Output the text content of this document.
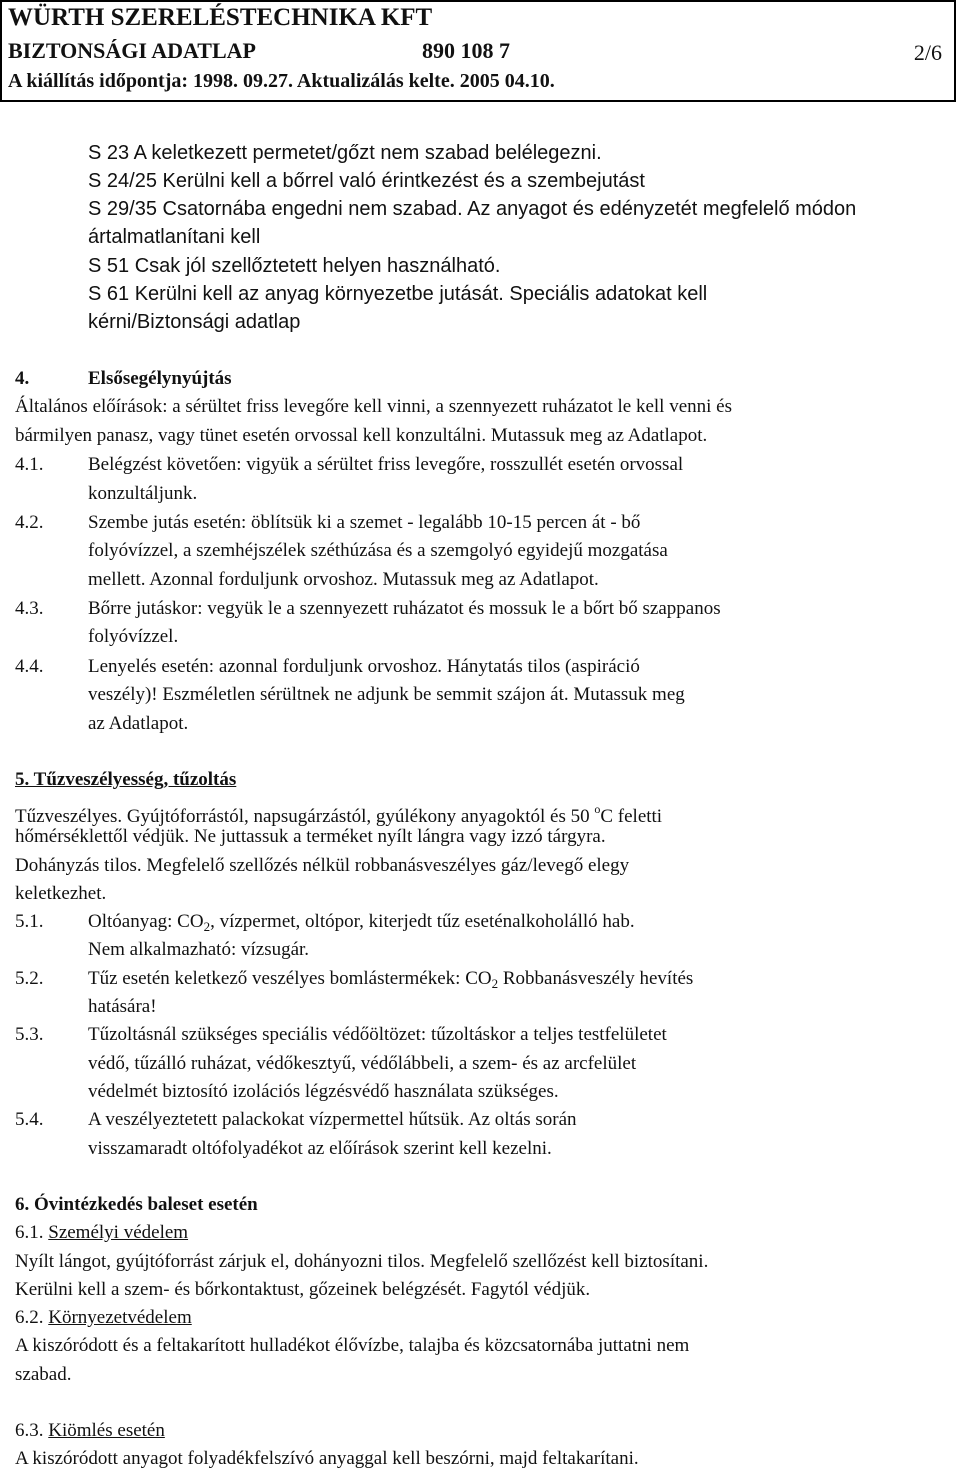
WÜRTH SZERELÉSTECHNIKA KFT
BIZTONSÁGI ADATLAP	890 108 7	2/6
A kiállítás időpontja: 1998. 09.27. Aktualizálás kelte. 2005 04.10.
S 23 A keletkezett permetet/gőzt nem szabad belélegezni.
S 24/25 Kerülni kell a bőrrel való érintkezést és a szembejutást
S 29/35 Csatornába engedni nem szabad. Az anyagot és edényzetét megfelelő módon
ártalmatlanítani kell
S 51 Csak jól szellőztetett helyen használható.
S 61 Kerülni kell az anyag környezetbe jutását. Speciális adatokat kell
kérni/Biztonsági adatlap
4.	Elsősegélynyújtás
Általános előírások: a sérültet friss levegőre kell vinni, a szennyezett ruházatot le kell venni és
bármilyen panasz, vagy tünet esetén orvossal kell konzultálni. Mutassuk meg az Adatlapot.
4.1. Belégzést követően: vigyük a sérültet friss levegőre, rosszullét esetén orvossal
konzultáljunk.
4.2. Szembe jutás esetén: öblítsük ki a szemet - legalább 10-15 percen át - bő
folyóvízzel, a szemhéjszélek széthúzása és a szemgolyó egyidejű mozgatása
mellett. Azonnal forduljunk orvoshoz. Mutassuk meg az Adatlapot.
4.3. Bőrre jutáskor: vegyük le a szennyezett ruházatot és mossuk le a bőrt bő szappanos
folyóvízzel.
4.4. Lenyelés esetén: azonnal forduljunk orvoshoz. Hánytatás tilos (aspiráció
veszély)! Eszméletlen sérültnek ne adjunk be semmit szájon át. Mutassuk meg
az Adatlapot.
5. Tűzveszélyesség, tűzoltás
Tűzveszélyes. Gyújtóforrástól, napsugárzástól, gyúlékony anyagoktól és 50 $^o$C feletti
hőmérséklettől védjük. Ne juttassuk a terméket nyílt lángra vagy izzó tárgyra.
Dohányzás tilos. Megfelelő szellőzés nélkül robbanásveszélyes gáz/levegő elegy
keletkezhet.
5.1. Oltóanyag: $CO_2$, vízpermet, oltópor, kiterjedt tűz eseténalkoholálló hab.
Nem alkalmazható: vízsugár.
5.2. Tűz esetén keletkező veszélyes bomlástermékek: $CO_2$ Robbanásveszély hevítés
hatására!
5.3. Tűzoltásnál szükséges speciális védőöltözet: tűzoltáskor a teljes testfelületet
védő, tűzálló ruházat, védőkesztyű, védőlábbeli, a szem- és az arcfelület
védelmét biztosító izolációs légzésvédő használata szükséges.
5.4. A veszélyeztetett palackokat vízpermettel hűtsük. Az oltás során
visszamaradt oltófolyadékot az előírások szerint kell kezelni.
6. Óvintézkedés baleset esetén
6.1. Személyi védelem
Nyílt lángot, gyújtóforrást zárjuk el, dohányozni tilos. Megfelelő szellőzést kell biztosítani.
Kerülni kell a szem- és bőrkontaktust, gőzeinek belégzését. Fagytól védjük.
6.2. Környezetvédelem
A kiszóródott és a feltakarított hulladékot élővízbe, talajba és közcsatornába juttatni nem
szabad.
6.3. Kiömlés esetén
A kiszóródott anyagot folyadékfelszívó anyaggal kell beszórni, majd feltakarítani.
